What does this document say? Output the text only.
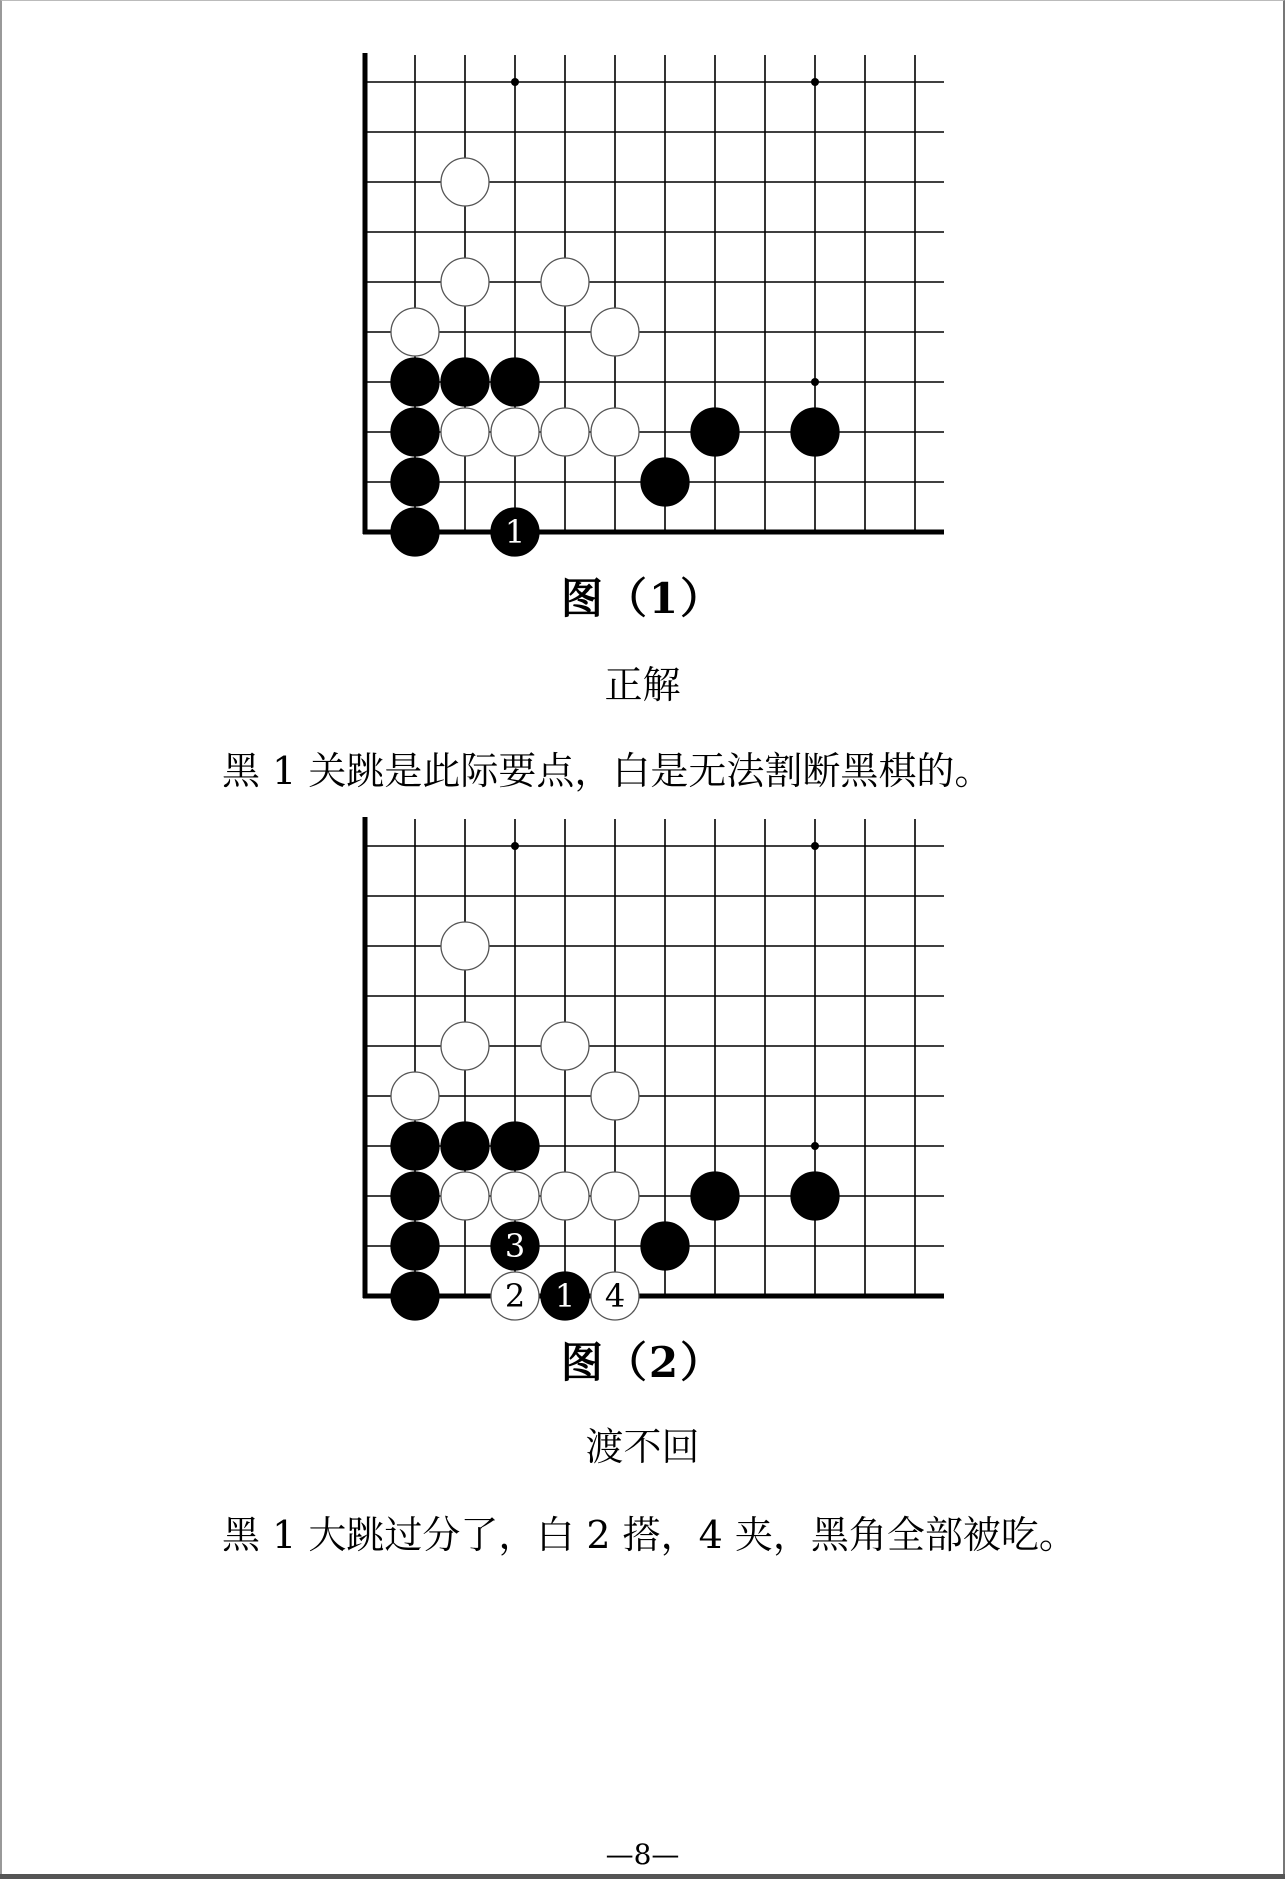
1
图（1）
正解
黑 1 关跳是此际要点，白是无法割断黑棋的。
3
2 1 4
图（2）
渡不回
黑 1 大跳过分了，白 2 搭，4 夹，黑角全部被吃。
—8—
